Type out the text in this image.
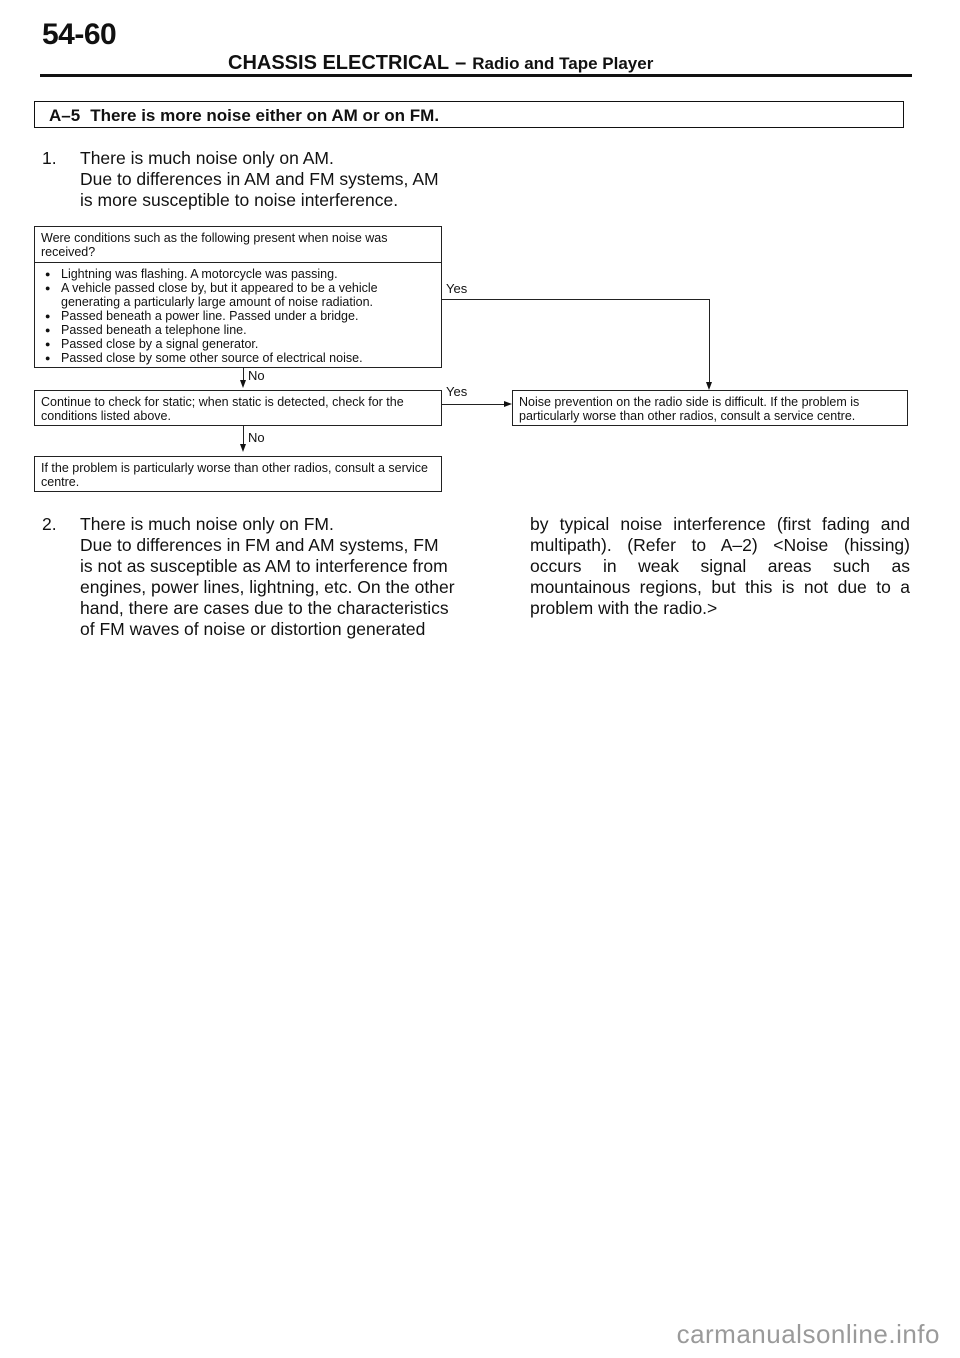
54-60
CHASSIS ELECTRICAL – Radio and Tape Player
A–5 There is more noise either on AM or on FM.
1.	There is much noise only on AM.
Due to differences in AM and FM systems, AM
is more susceptible to noise interference.
Were conditions such as the following present when noise was received?
● Lightning was flashing. A motorcycle was passing.
● A vehicle passed close by, but it appeared to be a vehicle generating a particularly large amount of noise radiation.
● Passed beneath a power line. Passed under a bridge.
● Passed beneath a telephone line.
● Passed close by a signal generator.
● Passed close by some other source of electrical noise.
Yes
No
Continue to check for static; when static is detected, check for the conditions listed above.
Yes
Noise prevention on the radio side is difficult. If the problem is particularly worse than other radios, consult a service centre.
No
If the problem is particularly worse than other radios, consult a service centre.
2.	There is much noise only on FM.
Due to differences in FM and AM systems, FM
is not as susceptible as AM to interference from
engines, power lines, lightning, etc. On the other
hand, there are cases due to the characteristics
of FM waves of noise or distortion generated
by typical noise interference (first fading and multipath). (Refer to A–2) <Noise (hissing) occurs in weak signal areas such as mountainous regions, but this is not due to a problem with the radio.>
carmanualsonline.info
